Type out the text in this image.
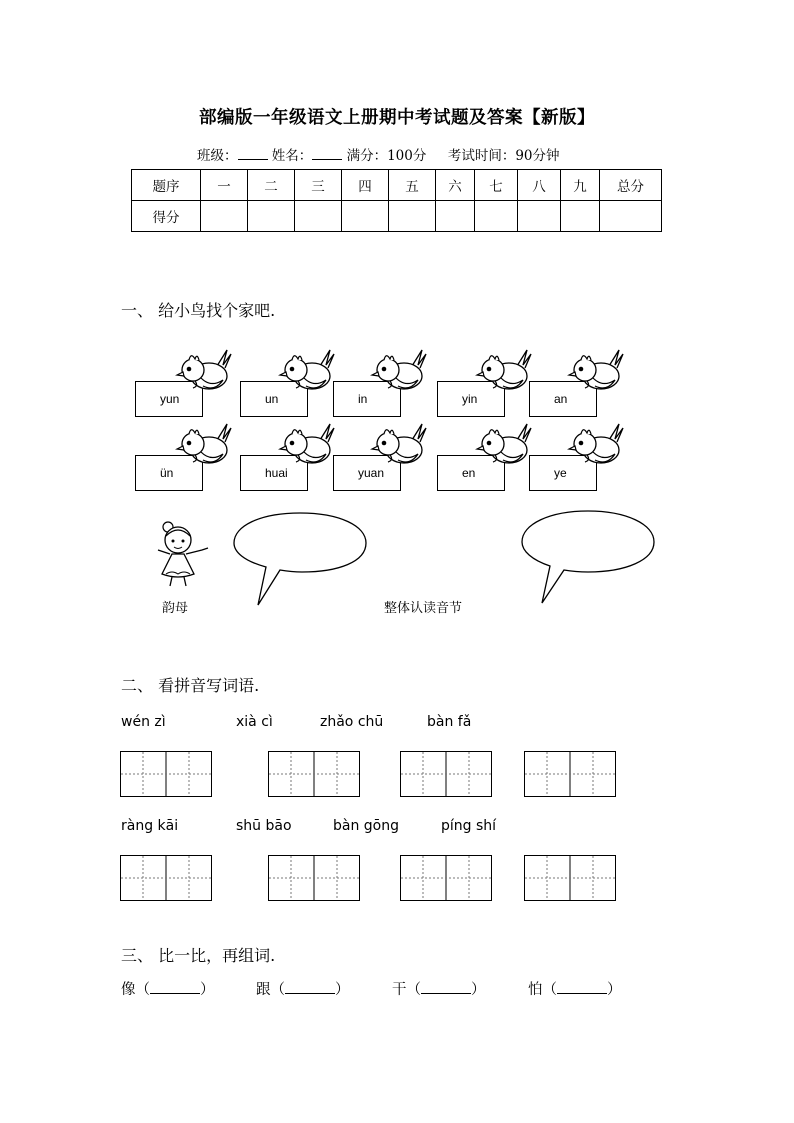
部编版一年级语文上册期中考试题及答案【新版】
班级：	姓名：	满分：100分 考试时间：90分钟
题序	一	二	三	四	五	六	七	八	九	总分
得分										
一、 给小鸟找个家吧.
yun	un	in	yin	an
ün	huai	yuan	en	ye
韵母	整体认读音节
二、 看拼音写词语.
wén zì	xià cì	zhǎo chū	bàn fǎ
ràng kāi	shū bāo	bàn gōng	píng shí
三、 比一比，再组词.
像（	）	跟（	）	干（	）	怕（	）
